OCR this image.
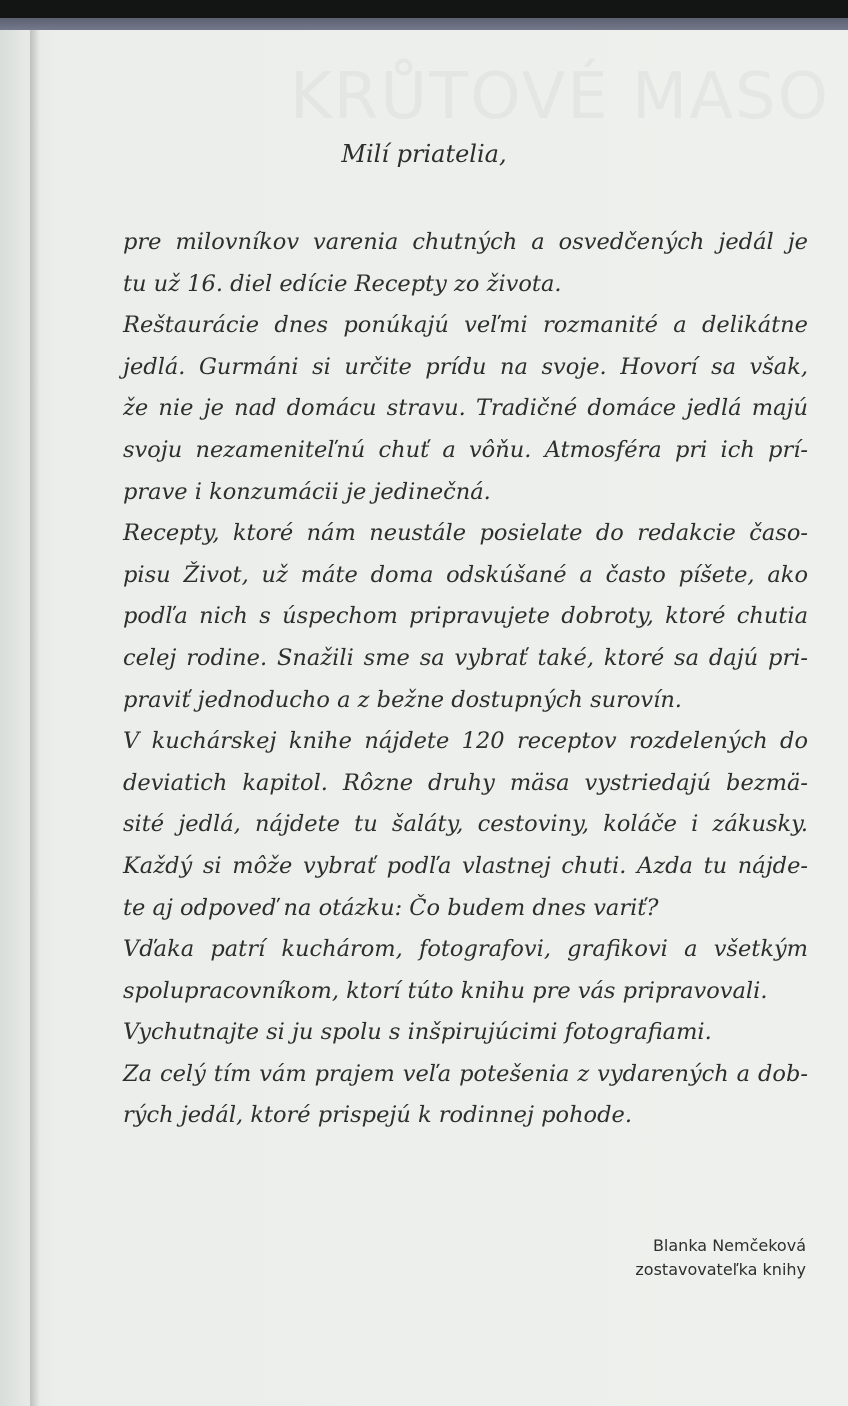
KRŮTOVÉ MASO
Milí priatelia,
pre milovníkov varenia chutných a osvedčených jedál je
tu už 16. diel edície Recepty zo života.
Reštaurácie dnes ponúkajú veľmi rozmanité a delikátne
jedlá. Gurmáni si určite prídu na svoje. Hovorí sa však,
že nie je nad domácu stravu. Tradičné domáce jedlá majú
svoju nezameniteľnú chuť a vôňu. Atmosféra pri ich prí-
prave i konzumácii je jedinečná.
Recepty, ktoré nám neustále posielate do redakcie časo-
pisu Život, už máte doma odskúšané a často píšete, ako
podľa nich s úspechom pripravujete dobroty, ktoré chutia
celej rodine. Snažili sme sa vybrať také, ktoré sa dajú pri-
praviť jednoducho a z bežne dostupných surovín.
V kuchárskej knihe nájdete 120 receptov rozdelených do
deviatich kapitol. Rôzne druhy mäsa vystriedajú bezmä-
sité jedlá, nájdete tu šaláty, cestoviny, koláče i zákusky.
Každý si môže vybrať podľa vlastnej chuti. Azda tu nájde-
te aj odpoveď na otázku: Čo budem dnes variť?
Vďaka patrí kuchárom, fotografovi, grafikovi a všetkým
spolupracovníkom, ktorí túto knihu pre vás pripravovali.
Vychutnajte si ju spolu s inšpirujúcimi fotografiami.
Za celý tím vám prajem veľa potešenia z vydarených a dob-
rých jedál, ktoré prispejú k rodinnej pohode.
Blanka Nemčeková
zostavovateľka knihy
